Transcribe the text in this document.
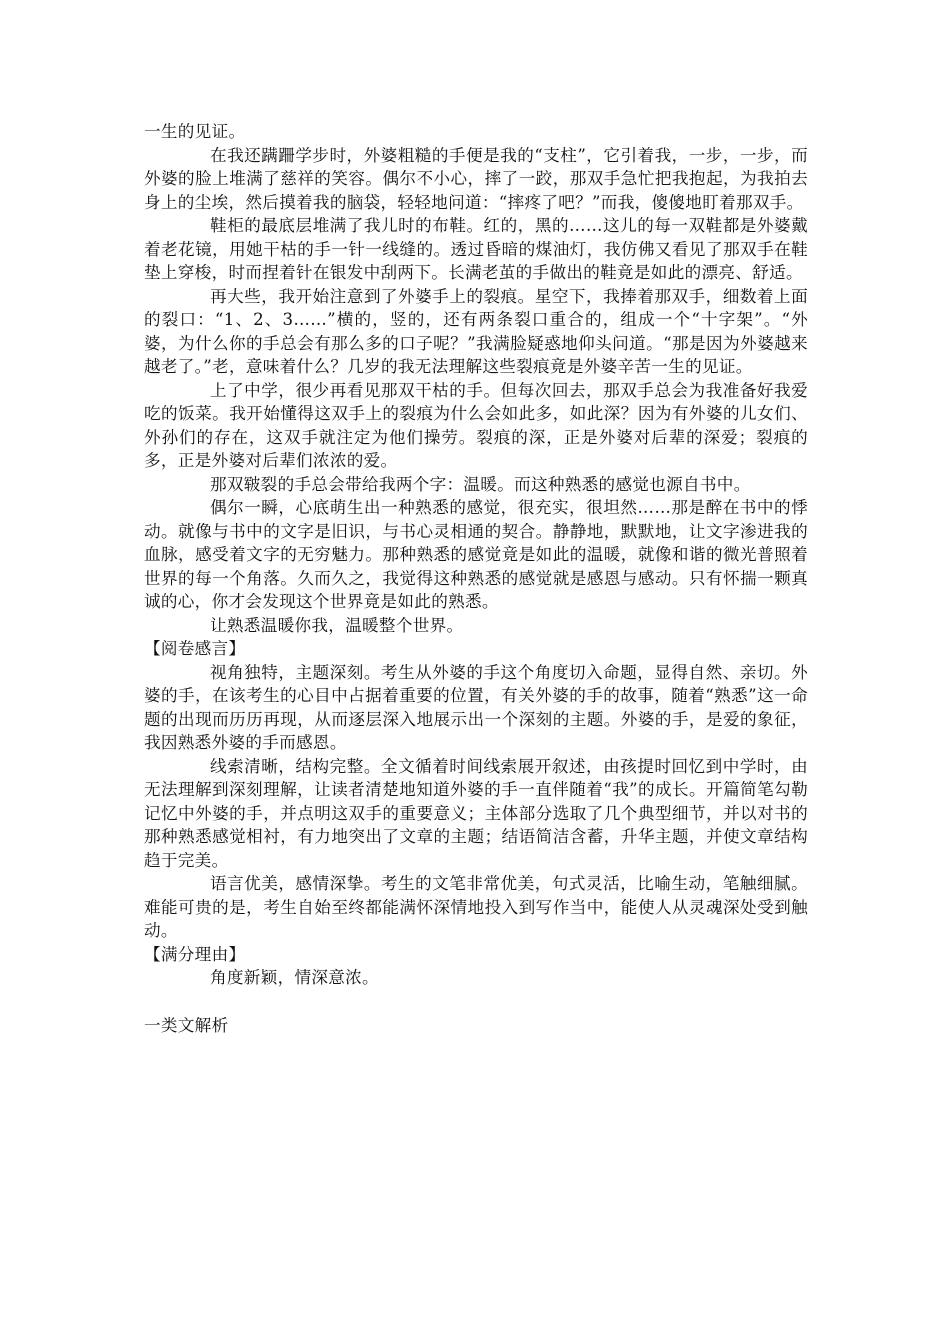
一生的见证。

在我还蹒跚学步时，外婆粗糙的手便是我的“支柱”，它引着我，一步，一步，而外婆的脸上堆满了慈祥的笑容。偶尔不小心，摔了一跤，那双手急忙把我抱起，为我拍去身上的尘埃，然后摸着我的脑袋，轻轻地问道：“摔疼了吧？”而我，傻傻地盯着那双手。

鞋柜的最底层堆满了我儿时的布鞋。红的，黑的……这儿的每一双鞋都是外婆戴着老花镜，用她干枯的手一针一线缝的。透过昏暗的煤油灯，我仿佛又看见了那双手在鞋垫上穿梭，时而捏着针在银发中刮两下。长满老茧的手做出的鞋竟是如此的漂亮、舒适。

再大些，我开始注意到了外婆手上的裂痕。星空下，我捧着那双手，细数着上面的裂口：“1、2、3……”横的，竖的，还有两条裂口重合的，组成一个“十字架”。“外婆，为什么你的手总会有那么多的口子呢？”我满脸疑惑地仰头问道。“那是因为外婆越来越老了。”老，意味着什么？几岁的我无法理解这些裂痕竟是外婆辛苦一生的见证。

上了中学，很少再看见那双干枯的手。但每次回去，那双手总会为我准备好我爱吃的饭菜。我开始懂得这双手上的裂痕为什么会如此多，如此深？因为有外婆的儿女们、外孙们的存在，这双手就注定为他们操劳。裂痕的深，正是外婆对后辈的深爱；裂痕的多，正是外婆对后辈们浓浓的爱。

那双皲裂的手总会带给我两个字：温暖。而这种熟悉的感觉也源自书中。

偶尔一瞬，心底萌生出一种熟悉的感觉，很充实，很坦然……那是醉在书中的悸动。就像与书中的文字是旧识，与书心灵相通的契合。静静地，默默地，让文字渗进我的血脉，感受着文字的无穷魅力。那种熟悉的感觉竟是如此的温暖，就像和谐的微光普照着世界的每一个角落。久而久之，我觉得这种熟悉的感觉就是感恩与感动。只有怀揣一颗真诚的心，你才会发现这个世界竟是如此的熟悉。

让熟悉温暖你我，温暖整个世界。

【阅卷感言】

视角独特，主题深刻。考生从外婆的手这个角度切入命题，显得自然、亲切。外婆的手，在该考生的心目中占据着重要的位置，有关外婆的手的故事，随着“熟悉”这一命题的出现而历历再现，从而逐层深入地展示出一个深刻的主题。外婆的手，是爱的象征，我因熟悉外婆的手而感恩。

线索清晰，结构完整。全文循着时间线索展开叙述，由孩提时回忆到中学时，由无法理解到深刻理解，让读者清楚地知道外婆的手一直伴随着“我”的成长。开篇简笔勾勒记忆中外婆的手，并点明这双手的重要意义；主体部分选取了几个典型细节，并以对书的那种熟悉感觉相衬，有力地突出了文章的主题；结语简洁含蓄，升华主题，并使文章结构趋于完美。

语言优美，感情深挚。考生的文笔非常优美，句式灵活，比喻生动，笔触细腻。难能可贵的是，考生自始至终都能满怀深情地投入到写作当中，能使人从灵魂深处受到触动。

【满分理由】

角度新颖，情深意浓。

一类文解析
